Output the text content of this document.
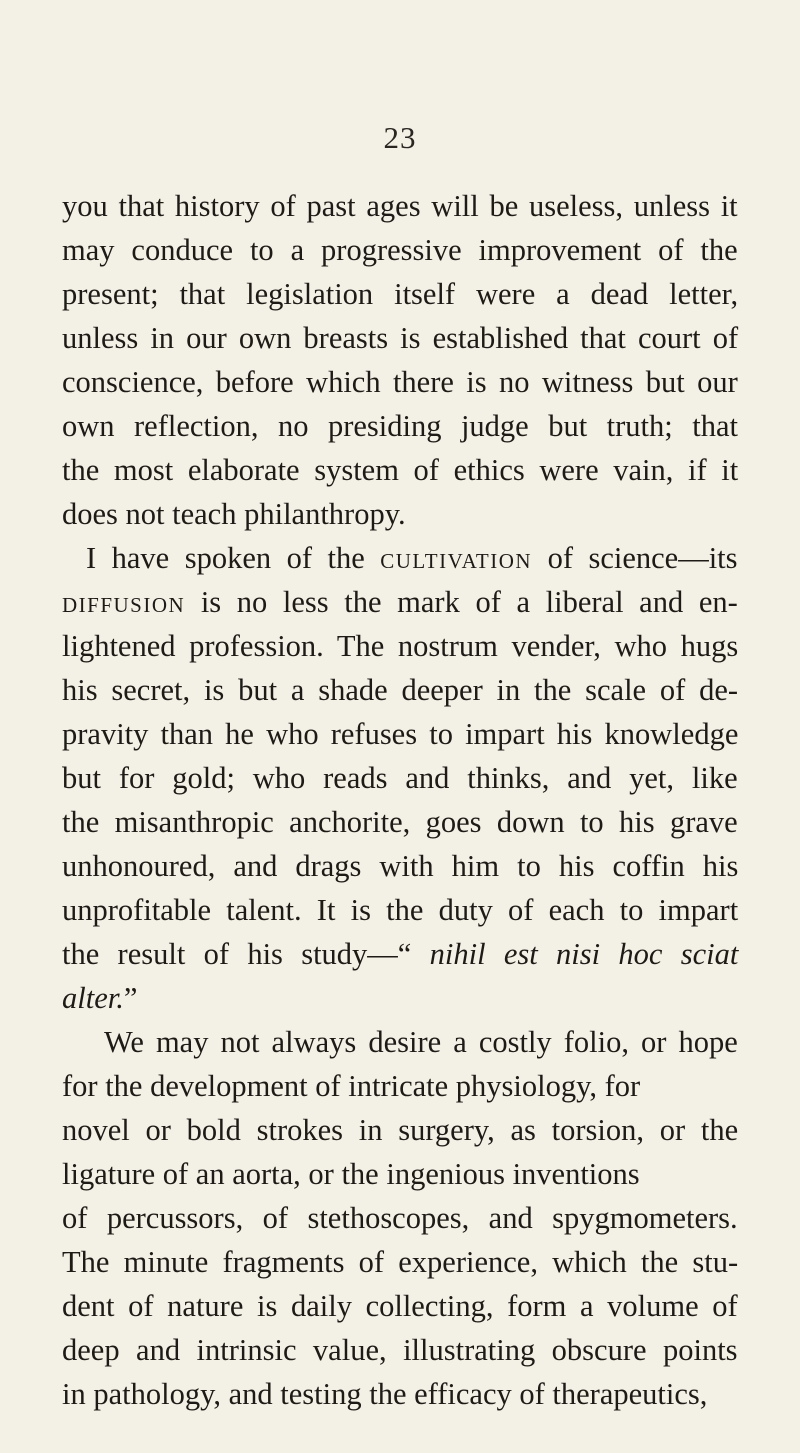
23
you that history of past ages will be useless, unless it
may conduce to a progressive improvement of the
present; that legislation itself were a dead letter,
unless in our own breasts is established that court of
conscience, before which there is no witness but our
own reflection, no presiding judge but truth; that
the most elaborate system of ethics were vain, if it
does not teach philanthropy.
I have spoken of the cultivation of science—its
diffusion is no less the mark of a liberal and en-
lightened profession. The nostrum vender, who hugs
his secret, is but a shade deeper in the scale of de-
pravity than he who refuses to impart his knowledge
but for gold; who reads and thinks, and yet, like
the misanthropic anchorite, goes down to his grave
unhonoured, and drags with him to his coffin his
unprofitable talent. It is the duty of each to impart
the result of his study—“ nihil est nisi hoc sciat
alter.”
We may not always desire a costly folio, or hope
for the development of intricate physiology, for
novel or bold strokes in surgery, as torsion, or the
ligature of an aorta, or the ingenious inventions
of percussors, of stethoscopes, and spygmometers.
The minute fragments of experience, which the stu-
dent of nature is daily collecting, form a volume of
deep and intrinsic value, illustrating obscure points
in pathology, and testing the efficacy of therapeutics,
